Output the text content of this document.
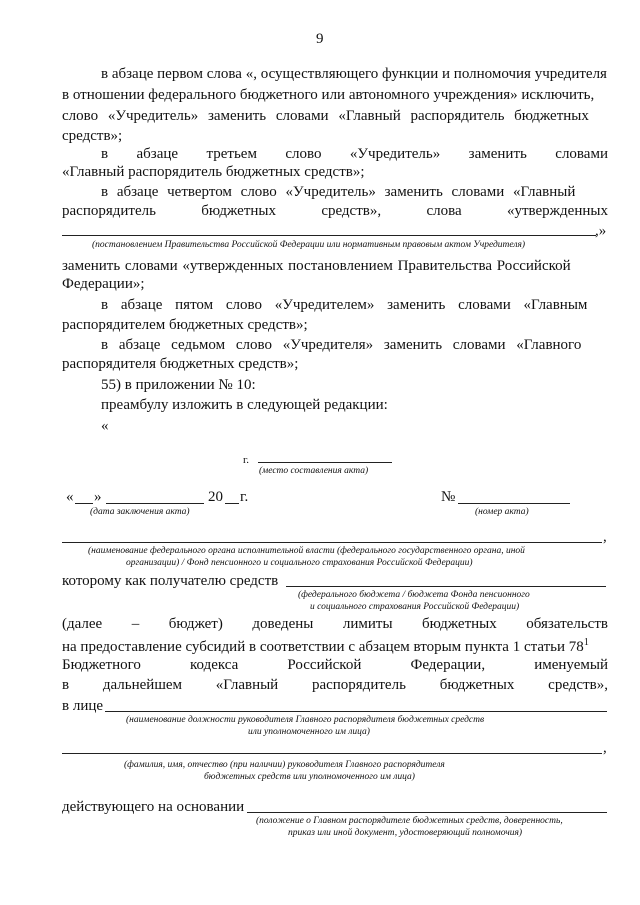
9
в абзаце первом слова «, осуществляющего функции и полномочия учредителя
в отношении федерального бюджетного или автономного учреждения» исключить,
слово «Учредитель» заменить словами «Главный распорядитель бюджетных
средств»;
в абзаце третьем слово «Учредитель» заменить словами
«Главный распорядитель бюджетных средств»;
в абзаце четвертом слово «Учредитель» заменить словами «Главный
распорядитель	бюджетных	средств»,	слова	«утвержденных
,»
(постановлением Правительства Российской Федерации или нормативным правовым актом Учредителя)
заменить словами «утвержденных постановлением Правительства Российской
Федерации»;
в абзаце пятом слово «Учредителем» заменить словами «Главным
распорядителем бюджетных средств»;
в абзаце седьмом слово «Учредителя» заменить словами «Главного
распорядителя бюджетных средств»;
55) в приложении № 10:
преамбулу изложить в следующей редакции:
«
г.
(место составления акта)
« »	20 г.
(дата заключения акта)
№
(номер акта)
,
(наименование федерального органа исполнительной власти (федерального государственного органа, иной
организации) / Фонд пенсионного и социального страхования Российской Федерации)
которому как получателю средств
(федерального бюджета / бюджета Фонда пенсионного
и социального страхования Российской Федерации)
(далее – бюджет) доведены лимиты бюджетных обязательств
на предоставление субсидий в соответствии с абзацем вторым пункта 1 статьи $78^1$
Бюджетного	кодекса	Российской	Федерации,	именуемый
в дальнейшем «Главный распорядитель бюджетных средств»,
в лице
(наименование должности руководителя Главного распорядителя бюджетных средств
или уполномоченного им лица)
,
(фамилия, имя, отчество (при наличии) руководителя Главного распорядителя
бюджетных средств или уполномоченного им лица)
действующего на основании
(положение о Главном распорядителе бюджетных средств, доверенность,
приказ или иной документ, удостоверяющий полномочия)
